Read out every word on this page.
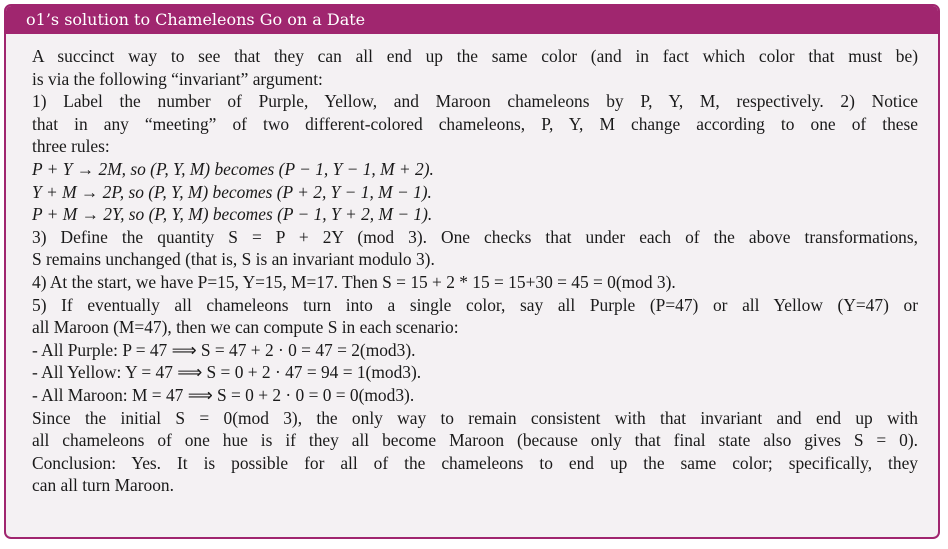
o1’s solution to Chameleons Go on a Date
A succinct way to see that they can all end up the same color (and in fact which color that must be)
is via the following “invariant” argument:
1) Label the number of Purple, Yellow, and Maroon chameleons by P, Y, M, respectively. 2) Notice
that in any “meeting” of two different-colored chameleons, P, Y, M change according to one of these
three rules:
P + Y → 2M, so (P, Y, M) becomes (P − 1, Y − 1, M + 2).
Y + M → 2P, so (P, Y, M) becomes (P + 2, Y − 1, M − 1).
P + M → 2Y, so (P, Y, M) becomes (P − 1, Y + 2, M − 1).
3) Define the quantity S = P + 2Y (mod 3). One checks that under each of the above transformations,
S remains unchanged (that is, S is an invariant modulo 3).
4) At the start, we have P=15, Y=15, M=17. Then S = 15 + 2 * 15 = 15+30 = 45 = 0(mod 3).
5) If eventually all chameleons turn into a single color, say all Purple (P=47) or all Yellow (Y=47) or
all Maroon (M=47), then we can compute S in each scenario:
- All Purple: P = 47 ⟹ S = 47 + 2 · 0 = 47 = 2(mod3).
- All Yellow: Y = 47 ⟹ S = 0 + 2 · 47 = 94 = 1(mod3).
- All Maroon: M = 47 ⟹ S = 0 + 2 · 0 = 0 = 0(mod3).
Since the initial S = 0(mod 3), the only way to remain consistent with that invariant and end up with
all chameleons of one hue is if they all become Maroon (because only that final state also gives S = 0).
Conclusion: Yes. It is possible for all of the chameleons to end up the same color; specifically, they
can all turn Maroon.
